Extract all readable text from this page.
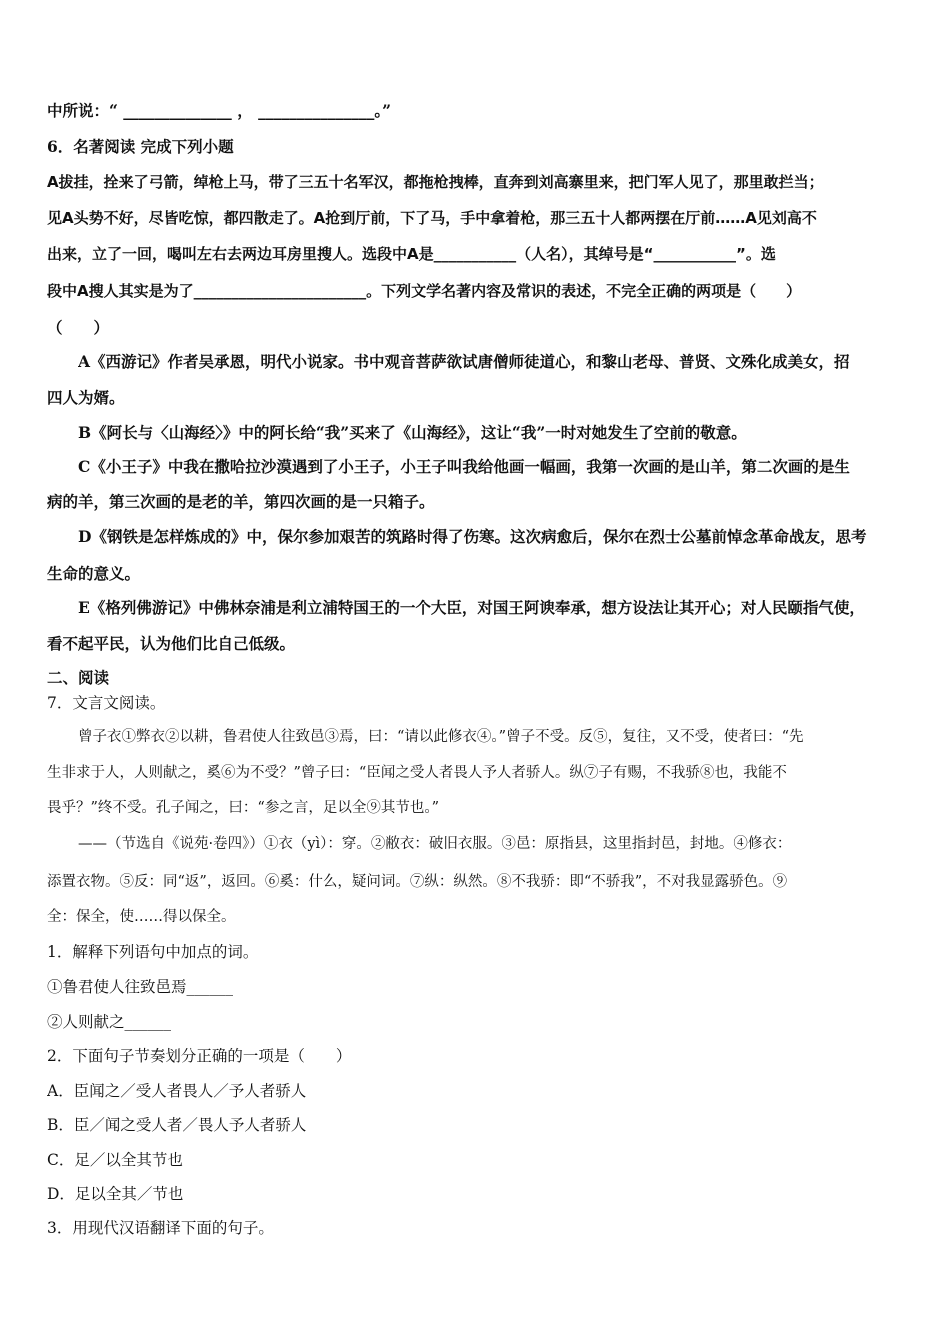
中所说：“ ______________ ， _______________。”
6．名著阅读 完成下列小题
A拔挂，拴来了弓箭，绰枪上马，带了三五十名军汉，都拖枪拽棒，直奔到刘高寨里来，把门军人见了，那里敢拦当；
见A头势不好，尽皆吃惊，都四散走了。A抢到厅前，下了马，手中拿着枪，那三五十人都两摆在厅前……A见刘高不
出来，立了一回，喝叫左右去两边耳房里搜人。选段中A是___________（人名），其绰号是“___________”。选
段中A搜人其实是为了_______________________。下列文学名著内容及常识的表述，不完全正确的两项是（　　）
（　　）
A《西游记》作者吴承恩，明代小说家。书中观音菩萨欲试唐僧师徒道心，和黎山老母、普贤、文殊化成美女，招
四人为婿。
B《阿长与〈山海经〉》中的阿长给“我”买来了《山海经》，这让“我”一时对她发生了空前的敬意。
C《小王子》中我在撒哈拉沙漠遇到了小王子，小王子叫我给他画一幅画，我第一次画的是山羊，第二次画的是生
病的羊，第三次画的是老的羊，第四次画的是一只箱子。
D《钢铁是怎样炼成的》中，保尔参加艰苦的筑路时得了伤寒。这次病愈后，保尔在烈士公墓前悼念革命战友，思考
生命的意义。
E《格列佛游记》中佛林奈浦是利立浦特国王的一个大臣，对国王阿谀奉承，想方设法让其开心；对人民颐指气使，
看不起平民，认为他们比自己低级。
二、阅读
7．文言文阅读。
曾子衣①弊衣②以耕，鲁君使人往致邑③焉，曰：“请以此修衣④。”曾子不受。反⑤，复往，又不受，使者曰：“先
生非求于人，人则献之，奚⑥为不受？”曾子曰：“臣闻之受人者畏人予人者骄人。纵⑦子有赐，不我骄⑧也，我能不
畏乎？”终不受。孔子闻之，曰：“参之言，足以全⑨其节也。”
——（节选自《说苑·卷四》）①衣（yì）：穿。②敝衣：破旧衣服。③邑：原指县，这里指封邑，封地。④修衣：
添置衣物。⑤反：同“返”，返回。⑥奚：什么，疑问词。⑦纵：纵然。⑧不我骄：即“不骄我”，不对我显露骄色。⑨
全：保全，使……得以保全。
1．解释下列语句中加点的词。
①鲁君使人往致邑焉______
②人则献之______
2．下面句子节奏划分正确的一项是（　　）
A．臣闻之／受人者畏人／予人者骄人
B．臣／闻之受人者／畏人予人者骄人
C．足／以全其节也
D．足以全其／节也
3．用现代汉语翻译下面的句子。
